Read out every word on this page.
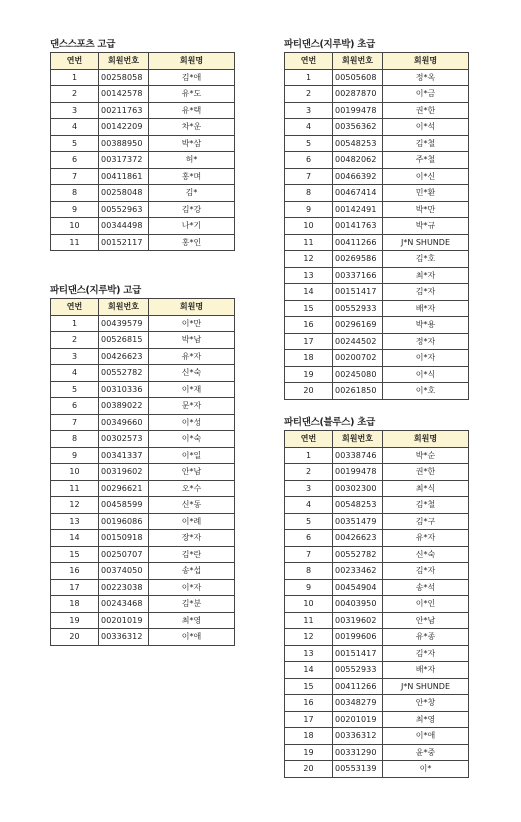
댄스스포츠 고급
연번	회원번호	회원명
1	00258058	김*애
2	00142578	유*도
3	00211763	유*택
4	00142209	차*운
5	00388950	박*삼
6	00317372	허*
7	00411861	홍*며
8	00258048	김*
9	00552963	김*강
10	00344498	나*기
11	00152117	홍*인
파티댄스(지루박) 고급
연번	회원번호	회원명
1	00439579	이*만
2	00526815	박*남
3	00426623	유*자
4	00552782	신*숙
5	00310336	이*재
6	00389022	문*자
7	00349660	이*성
8	00302573	이*숙
9	00341337	이*일
10	00319602	안*남
11	00296621	오*수
12	00458599	신*동
13	00196086	이*례
14	00150918	장*자
15	00250707	김*란
16	00374050	송*섭
17	00223038	이*자
18	00243468	김*분
19	00201019	최*영
20	00336312	이*애
파티댄스(지루박) 초급
연번	회원번호	회원명
1	00505608	정*옥
2	00287870	이*금
3	00199478	권*한
4	00356362	이*석
5	00548253	김*철
6	00482062	주*철
7	00466392	이*신
8	00467414	민*환
9	00142491	박*만
10	00141763	박*규
11	00411266	J*N SHUNDE
12	00269586	김*호
13	00337166	최*자
14	00151417	김*자
15	00552933	배*자
16	00296169	박*용
17	00244502	정*자
18	00200702	이*자
19	00245080	이*식
20	00261850	이*호
파티댄스(블루스) 초급
연번	회원번호	회원명
1	00338746	박*순
2	00199478	권*한
3	00302300	최*식
4	00548253	김*철
5	00351479	김*구
6	00426623	유*자
7	00552782	신*숙
8	00233462	김*자
9	00454904	송*석
10	00403950	이*인
11	00319602	안*남
12	00199606	유*종
13	00151417	김*자
14	00552933	배*자
15	00411266	J*N SHUNDE
16	00348279	안*창
17	00201019	최*영
18	00336312	이*애
19	00331290	윤*중
20	00553139	이*
